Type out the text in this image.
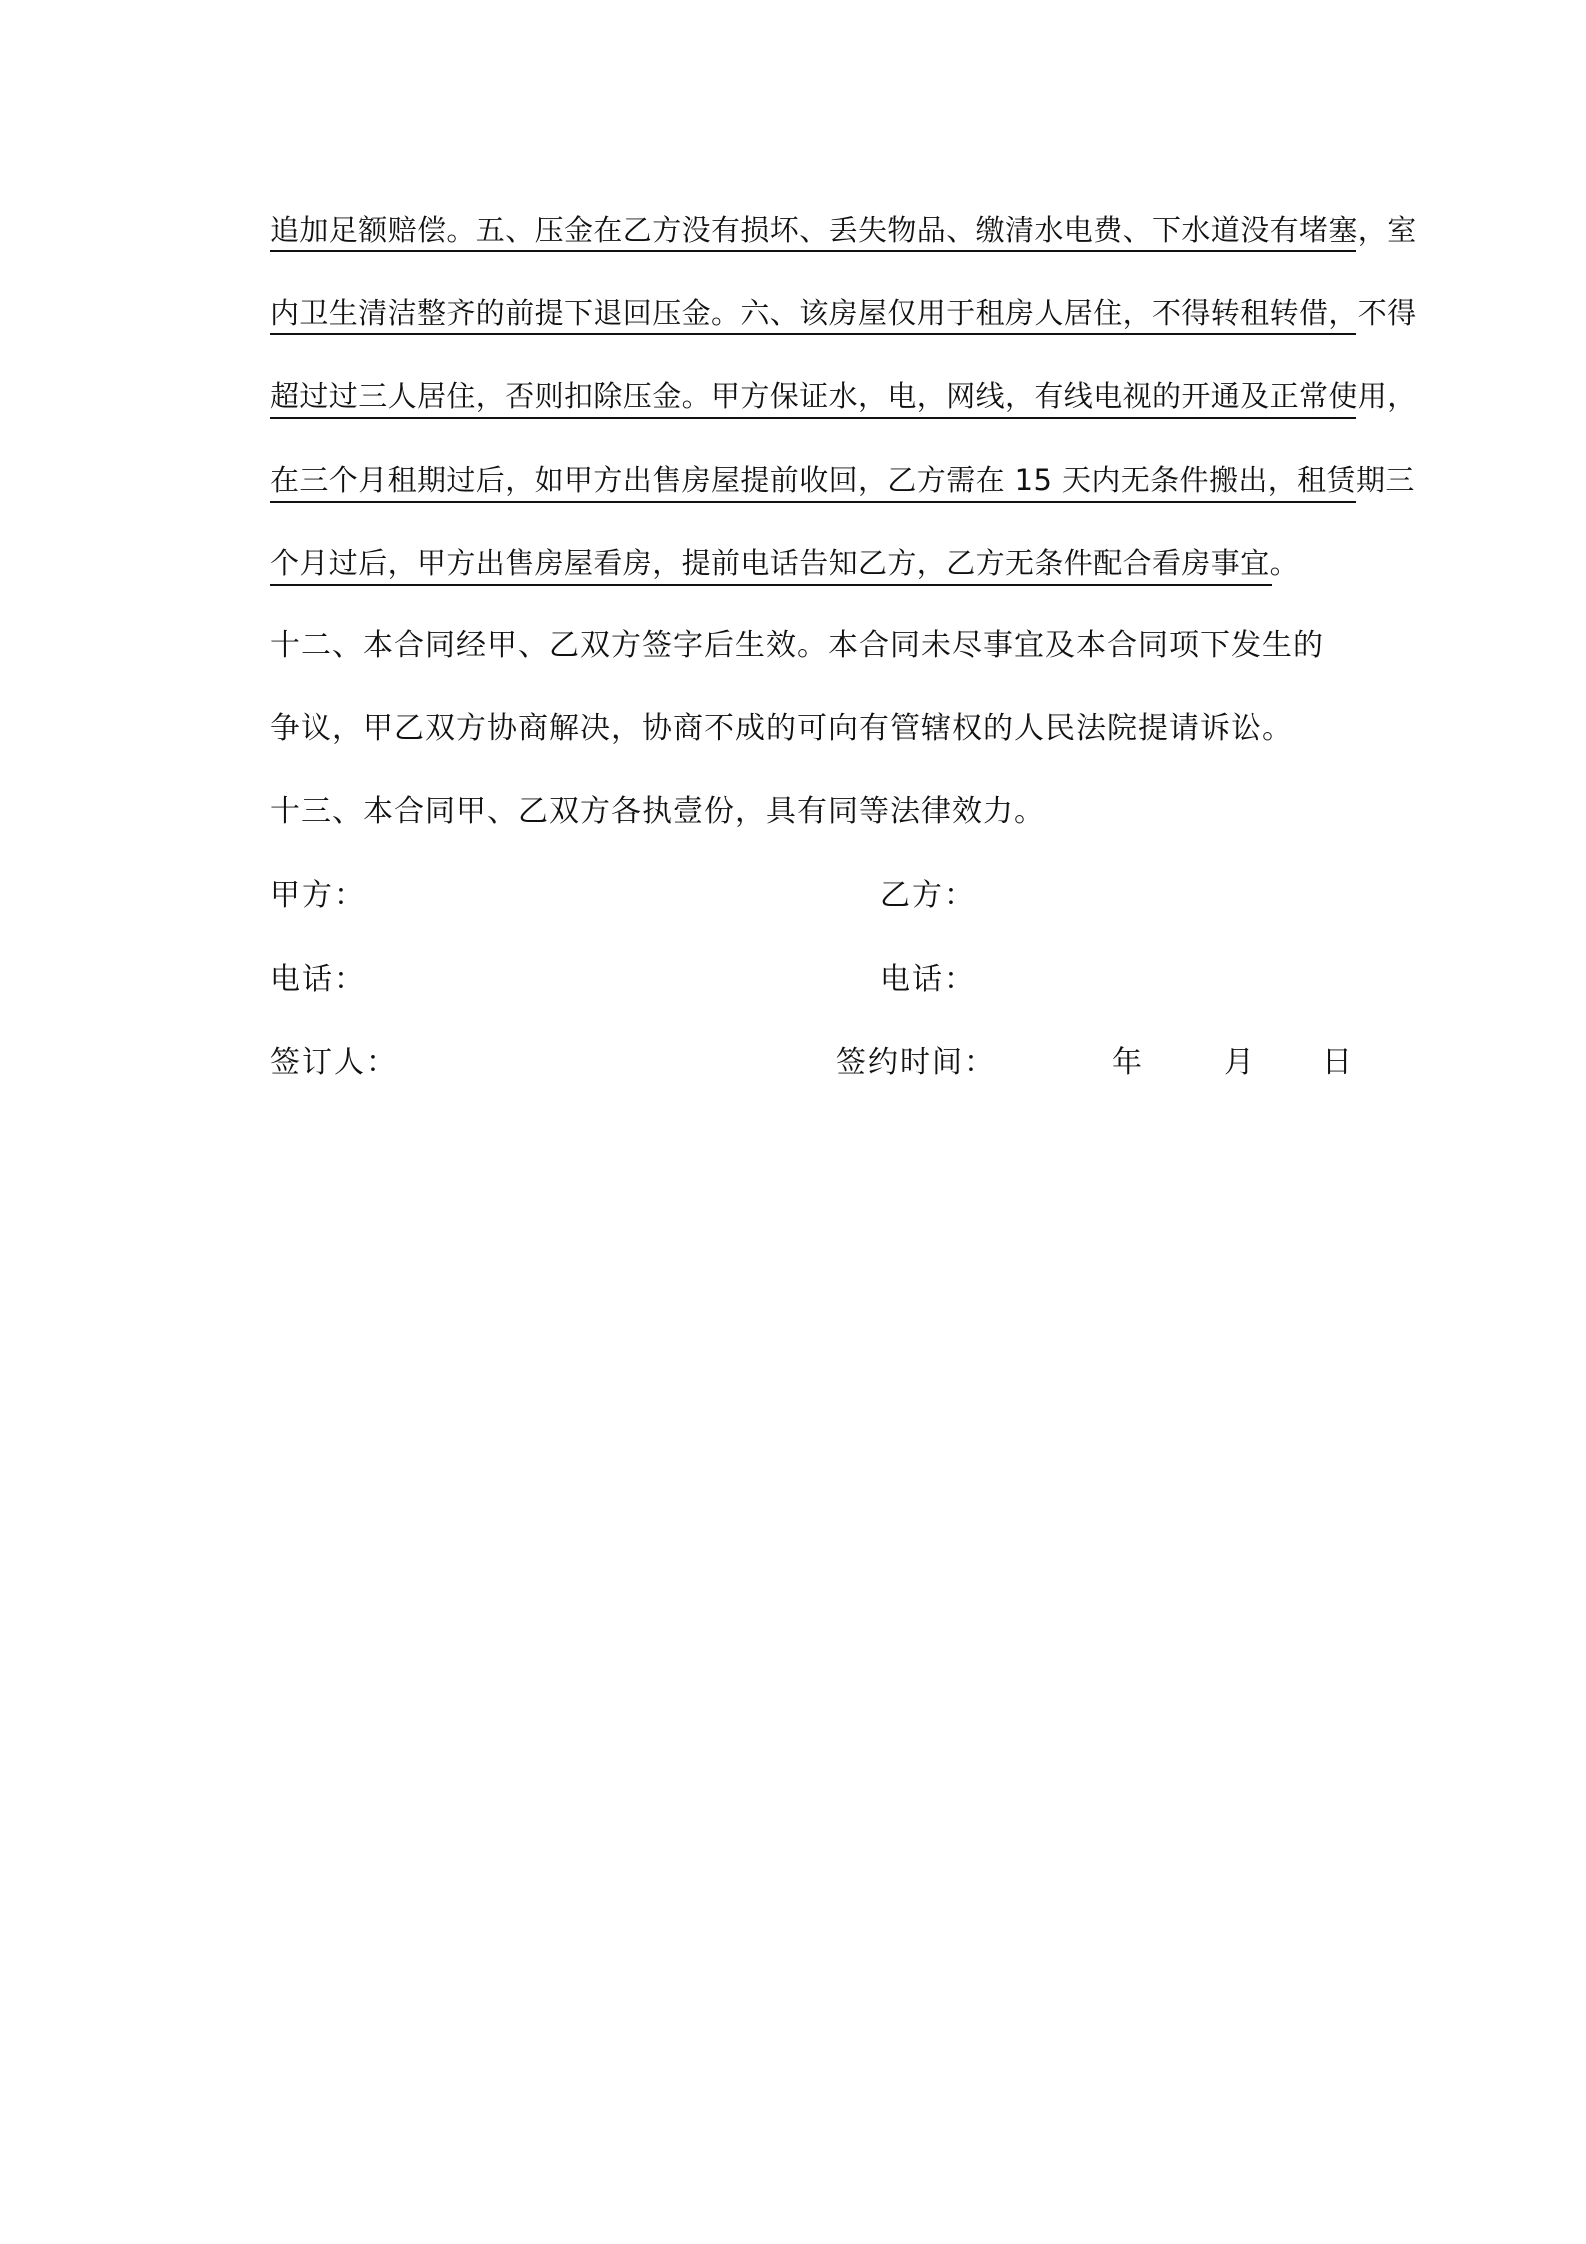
追加足额赔偿。五、压金在乙方没有损坏、丢失物品、缴清水电费、下水道没有堵塞，室
内卫生清洁整齐的前提下退回压金。六、该房屋仅用于租房人居住，不得转租转借，不得
超过过三人居住，否则扣除压金。甲方保证水，电，网线，有线电视的开通及正常使用，
在三个月租期过后，如甲方出售房屋提前收回，乙方需在 15 天内无条件搬出，租赁期三
个月过后，甲方出售房屋看房，提前电话告知乙方，乙方无条件配合看房事宜。
十二、本合同经甲、乙双方签字后生效。本合同未尽事宜及本合同项下发生的
争议，甲乙双方协商解决，协商不成的可向有管辖权的人民法院提请诉讼。
十三、本合同甲、乙双方各执壹份，具有同等法律效力。
甲方：	乙方：
电话：	电话：
签订人：	签约时间：	年	月 日
